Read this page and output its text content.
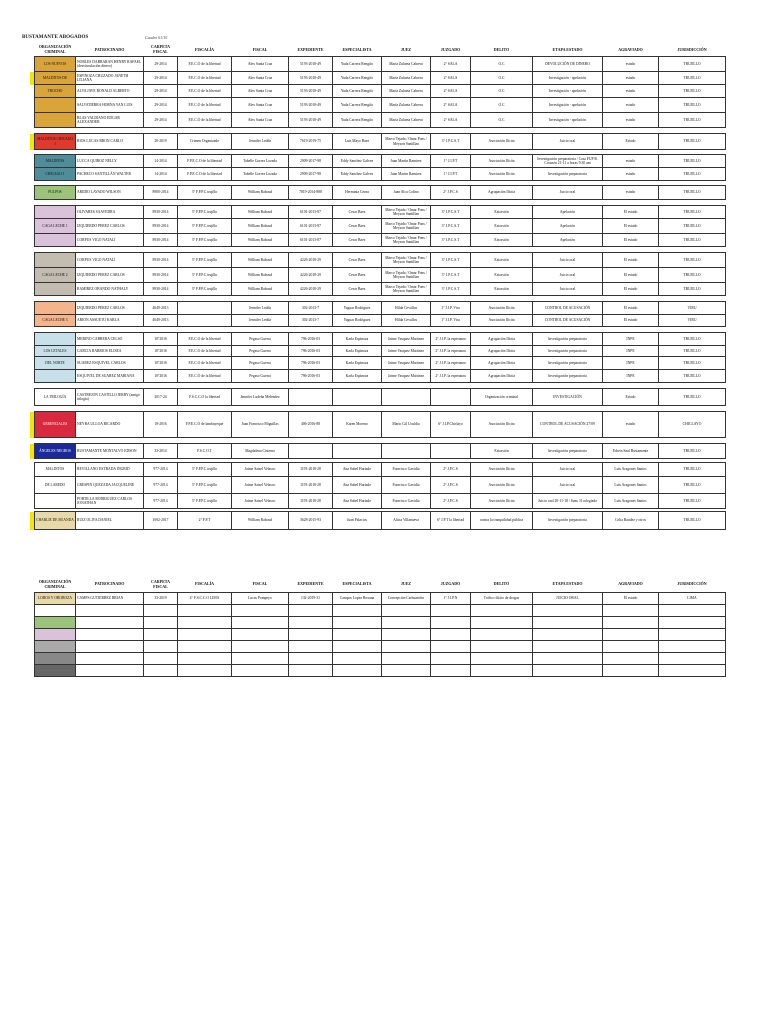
BUSTAMANTE ABOGADOS	Cuadro 01/10
ORGANIZACIÓN CRIMINAL	PATROCINADO	CARPETA FISCAL	FISCALÍA	FISCAL	EXPEDIENTE	ESPECIALISTA	JUEZ	JUZGADO	DELITO	ETAPA ESTADO	AGRAVIADO	JURISDICCIÓN
LOS NUEVOS	NOBLES DABBARAN HENRY RAFAEL (desvinculación dinero)	29-2014	F.E.C.O de la libertad	Alex Santa Cruz	5193-2018-49	Yuda Carrera Rengifo	María Zulueta Cabrera	2° SALA	O.C	DEVOLUCIÓN DE DINERO	estado	TRUJILLO
MALDITOS DE	ESPINOZA CRUZADO JANETH LILIANA	29-2014	F.E.C.O de la libertad	Alex Santa Cruz	5193-2018-49	Yuda Carrera Rengifo	María Zulueta Cabrera	2° SALA	O.C	Investigación - apelación	estado	TRUJILLO
TROCHO	ALVA JAVE RONALD ALBERTO	29-2014	F.E.C.O de la libertad	Alex Santa Cruz	5193-2018-49	Yuda Carrera Rengifo	María Zulueta Cabrera	2° SALA	O.C	Investigación - apelación	estado	TRUJILLO
	SALVATIERRA HORNA YAN LUIS	29-2014	F.E.C.O de la libertad	Alex Santa Cruz	5193-2018-49	Yuda Carrera Rengifo	María Zulueta Cabrera	2° SALA	O.C	Investigación - apelación	estado	TRUJILLO
	BLAS VALDIANO EDGAR ALEXANDER	29-2014	F.E.C.O de la libertad	Alex Santa Cruz	5193-2018-49	Yuda Carrera Rengifo	María Zulueta Cabrera	2° SALA	O.C	Investigación - apelación	estado	TRUJILLO

MALDITOS CHICAGO 1	RIOS LUCAS BRON CARLO	20-2019	Crimen Organizado	Jennifer Ledda	7619-2019-75	Luis Mayo Baez	Marco Tejada / Omar Pons / Meyson Santillan	3° J.P.C.S.T	Asociación Ilícita	Juicio oral	Estado	TRUJILLO

MALDITOS	LUCCA QUIROZ NELLY	14-2014	F.P.E.C.O de la libertad	Tabelle Gorrez Lozada	2909-2017-98	Eddy Sanchez Galvez	Juan Martin Ramirez	1° J.I.P.T	Asociación Ilícita	Investigación preparatoria / Casa FUP R. Corazón 21-11 a horas 9:30 am	estado	TRUJILLO
CHICAGO 1	PACHECO SANTILLÁN WALTER	14-2014	F.P.E.C.O de la libertad	Tabelle Gorrez Lozada	2909-2017-98	Eddy Sanchez Galvez	Juan Martin Ramirez	1° J.I.P.T	Asociación Ilícita	Investigación preparatoria	estado	TRUJILLO

PULPOS	ARIDIO LAVADO WILSON	8900-2014	3° F.P.P.C.trujillo	William Raboud	7819-2014-888	Herminia Cerna	Juan Alca Colino	2° J.P.C.S	Agrupación Ilícita	Juicio oral	estado	TRUJILLO

	OLIVARES SAAVEDRA	8930-2014	3° F.P.P.C.trujillo	William Raboud	6101-2013-87	Cesar Baez	Marco Tejada / Omar Pons / Meyson Santillan	3° J.P.C.S.T	Extorsión	Apelación	El estado	TRUJILLO
CAGA LECHE 1	IZQUIERDO PEREZ CARLOS	8930-2014	3° F.P.P.C.trujillo	William Raboud	6101-2013-87	Cesar Baez	Marco Tejada / Omar Pons / Meyson Santillan	3° J.P.C.S.T	Extorsión	Apelación	El estado	TRUJILLO
	CORPUS VIGO NATALI	8930-2014	3° F.P.P.C.trujillo	William Raboud	6101-2013-87	Cesar Baez	Marco Tejada / Omar Pons / Meyson Santillan	3° J.P.C.S.T	Extorsión	Apelación	El estado	TRUJILLO

	CORPUS VIGO NATALI	8930-2014	3° F.P.P.C.trujillo	William Raboud	4226-2018-29	Cesar Baez	Marco Tejada / Omar Pons / Meyson Santillan	3° J.P.C.S.T	Extorsión	Juicio oral	El estado	TRUJILLO
CAGA LECHE 2	IZQUIERDO PEREZ CARLOS	8930-2014	3° F.P.P.C.trujillo	William Raboud	4226-2018-29	Cesar Baez	Marco Tejada / Omar Pons / Meyson Santillan	3° J.P.C.S.T	Extorsión	Juicio oral	El estado	TRUJILLO
	RAMIREZ OBANDO NATHALY	8930-2014	3° F.P.P.C.trujillo	William Raboud	4226-2018-29	Cesar Baez	Marco Tejada / Omar Pons / Meyson Santillan	3° J.P.C.S.T	Extorsión	Juicio oral	El estado	TRUJILLO

	IZQUIERDO PEREZ CARLOS	4649-2013		Jennifer Ledda	302-2013-7	Yaguar Rodriguez	Hilda Cevallos	1° J.I.P. Vira	Asociación Ilícita	CONTROL DE ACUSACIÓN	El estado	VIRU
CAGA LECHE 3	ARION ASSUETO KARLA	4649-2013		Jennifer Ledda	302-2013-7	Yaguar Rodriguez	Hilda Cevallos	1° J.I.P. Vira	Asociación Ilícita	CONTROL DE ACUSACIÓN	El estado	VIRU

	MERINO CABRERA CELSO	10°2016	F.E.C.O de la libertad	Pegaso Guerra	796-2016-03	Karla Espinoza	Jaime Vasquez Martinez	2° J.I.P. la esperanza	Agrupación Ilícita	Investigación preparatoria	INPE	TRUJILLO
LOS LETALES	GARCIA BARRIOS ELISEA	10°2016	F.E.C.O de la libertad	Pegaso Guerra	796-2016-03	Karla Espinoza	Jaime Vasquez Martinez	2° J.I.P. la esperanza	Agrupación Ilícita	Investigación preparatoria	INPE	TRUJILLO
DEL NORTE	SUAREZ ESQUIVEL CARLOS	10°2016	F.E.C.O de la libertad	Pegaso Guerra	796-2016-03	Karla Espinoza	Jaime Vasquez Martinez	2° J.I.P. la esperanza	Agrupación Ilícita	Investigación preparatoria	INPE	TRUJILLO
	ESQUIVEL DE SUAREZ MARIANA	10°2016	F.E.C.O de la libertad	Pegaso Guerra	796-2016-03	Karla Espinoza	Jaime Vasquez Martinez	2° J.I.P. la esperanza	Agrupación Ilícita	Investigación preparatoria	INPE	TRUJILLO

LA TRILOGÍA	CASTREJON CASTILLO JERRY (amigo trilogía)	2017-24	F.S.C.C.O la libertad	Jennifer Ludeña Melendez					Organización criminal	INVESTIGACIÓN	Estado	TRUJILLO

GERENCIALES	NEYRA ULLOA RICARDO	18-2016	F.P.E.C.O de lambayeque	Juan Francisco Miguillas	406-2016-88	Karen Moreno	Mario Gil Uculdia	6° J.I.P.Chiclayo	Asociación Ilícita	CONTROL DE ACUSACIÓN 27/09	estado	CHICLAYO

ÁNGELES NEGROS	BUSTAMANTE MONTALVO EDSON	33-2014	F.S.C.O.T	Magdalena Cisterna					Extorsión	Investigación preparatoria	Edwin Saul Bustamante	TRUJILLO

MALDITOS	REVILLANO ESTRADA INGRID	977-2014	3° F.P.P.C.trujillo	Jaime Satsel Velasco	1193-2018-28	Ana Sabel Hurtado	Francisco Gavidia	2° J.P.C.S	Asociación Ilícita	Juicio oral	Luis Aragones Santos	TRUJILLO
DE LAREDO	CRESPIN QUEZADA JACQUELINE	977-2014	3° F.P.P.C.trujillo	Jaime Satsel Velasco	1193-2018-28	Ana Sabel Hurtado	Francisco Gavidia	2° J.P.C.S	Asociación Ilícita	Juicio oral	Luis Aragones Santos	TRUJILLO
	PORTILLA RODRIGUEZ CARLOS JONATHAN	977-2014	3° F.P.P.C.trujillo	Jaime Satsel Velasco	1193-2018-28	Ana Sabel Hurtado	Francisco Gavidia	2° J.P.C.S	Asociación Ilícita	Juicio oral 20-11-18 / Sum. II colegiada	Luis Aragones Santos	TRUJILLO

CHARLIE DE MI ANDA	RUIZ OLIVA DANIEL	1692-2017	2° F.P.T	William Raboud	3628-2015-93	Juan Palacios	Alicia Villanueva	6° J.P.T la libertad	contra la tranquilidad pública	Investigación preparatoria	Celia Baudez y otros	TRUJILLO
ORGANIZACIÓN CRIMINAL	PATROCINADO	CARPETA FISCAL	FISCALÍA	FISCAL	EXPEDIENTE	ESPECIALISTA	JUEZ	JUZGADO	DELITO	ETAPA ESTADO	AGRAVIADO	JURISDICCIÓN
LOBOS Y OBOBOZA	CAMPS GUTIERREZ BRIAN	33-2019	4° F.S.C.C.O LIMA	Lucas Pompeyo	132-2019-31	Campos Lopez Roxana	Concepción Carhuancho	1° J.I.P.N	Tráfico ilícito de drogas	JUICIO ORAL	El estado	LIMA
